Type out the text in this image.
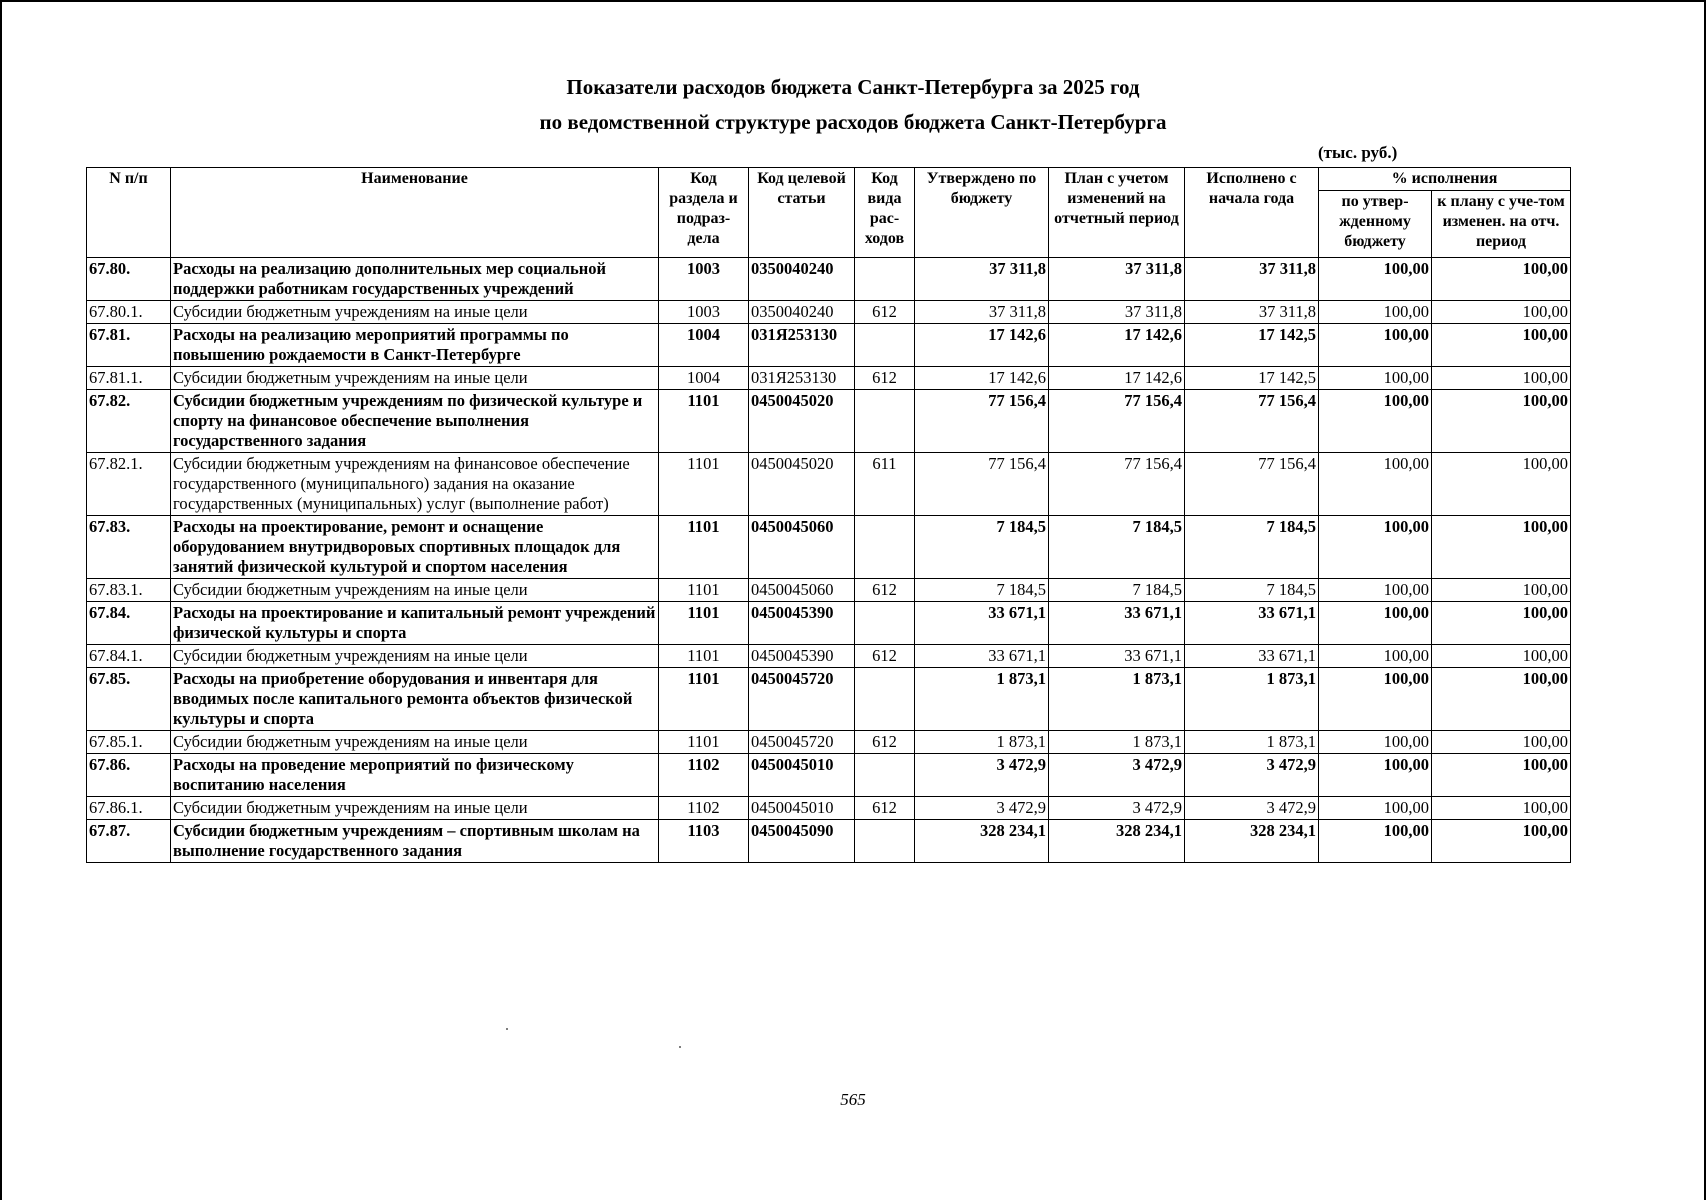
Показатели расходов бюджета Санкт-Петербурга за 2025 год
по ведомственной структуре расходов бюджета Санкт-Петербурга
(тыс. руб.)
N п/п	Наименование	Код раздела и подраз-дела	Код целевой статьи	Код вида рас-ходов	Утверждено по бюджету	План с учетом изменений на отчетный период	Исполнено с начала года	% исполнения	
								по утвер-жденному бюджету	к плану с уче-том изменен. на отч. период
67.80.	Расходы на реализацию дополнительных мер социальной поддержки работникам государственных учреждений	1003	0350040240		37 311,8	37 311,8	37 311,8	100,00	100,00
67.80.1.	Субсидии бюджетным учреждениям на иные цели	1003	0350040240	612	37 311,8	37 311,8	37 311,8	100,00	100,00
67.81.	Расходы на реализацию мероприятий программы по повышению рождаемости в Санкт-Петербурге	1004	031Я253130		17 142,6	17 142,6	17 142,5	100,00	100,00
67.81.1.	Субсидии бюджетным учреждениям на иные цели	1004	031Я253130	612	17 142,6	17 142,6	17 142,5	100,00	100,00
67.82.	Субсидии бюджетным учреждениям по физической культуре и спорту на финансовое обеспечение выполнения государственного задания	1101	0450045020		77 156,4	77 156,4	77 156,4	100,00	100,00
67.82.1.	Субсидии бюджетным учреждениям на финансовое обеспечение государственного (муниципального) задания на оказание государственных (муниципальных) услуг (выполнение работ)	1101	0450045020	611	77 156,4	77 156,4	77 156,4	100,00	100,00
67.83.	Расходы на проектирование, ремонт и оснащение оборудованием внутридворовых спортивных площадок для занятий физической культурой и спортом населения	1101	0450045060		7 184,5	7 184,5	7 184,5	100,00	100,00
67.83.1.	Субсидии бюджетным учреждениям на иные цели	1101	0450045060	612	7 184,5	7 184,5	7 184,5	100,00	100,00
67.84.	Расходы на проектирование и капитальный ремонт учреждений физической культуры и спорта	1101	0450045390		33 671,1	33 671,1	33 671,1	100,00	100,00
67.84.1.	Субсидии бюджетным учреждениям на иные цели	1101	0450045390	612	33 671,1	33 671,1	33 671,1	100,00	100,00
67.85.	Расходы на приобретение оборудования и инвентаря для вводимых после капитального ремонта объектов физической культуры и спорта	1101	0450045720		1 873,1	1 873,1	1 873,1	100,00	100,00
67.85.1.	Субсидии бюджетным учреждениям на иные цели	1101	0450045720	612	1 873,1	1 873,1	1 873,1	100,00	100,00
67.86.	Расходы на проведение мероприятий по физическому воспитанию населения	1102	0450045010		3 472,9	3 472,9	3 472,9	100,00	100,00
67.86.1.	Субсидии бюджетным учреждениям на иные цели	1102	0450045010	612	3 472,9	3 472,9	3 472,9	100,00	100,00
67.87.	Субсидии бюджетным учреждениям – спортивным школам на выполнение государственного задания	1103	0450045090		328 234,1	328 234,1	328 234,1	100,00	100,00
565
